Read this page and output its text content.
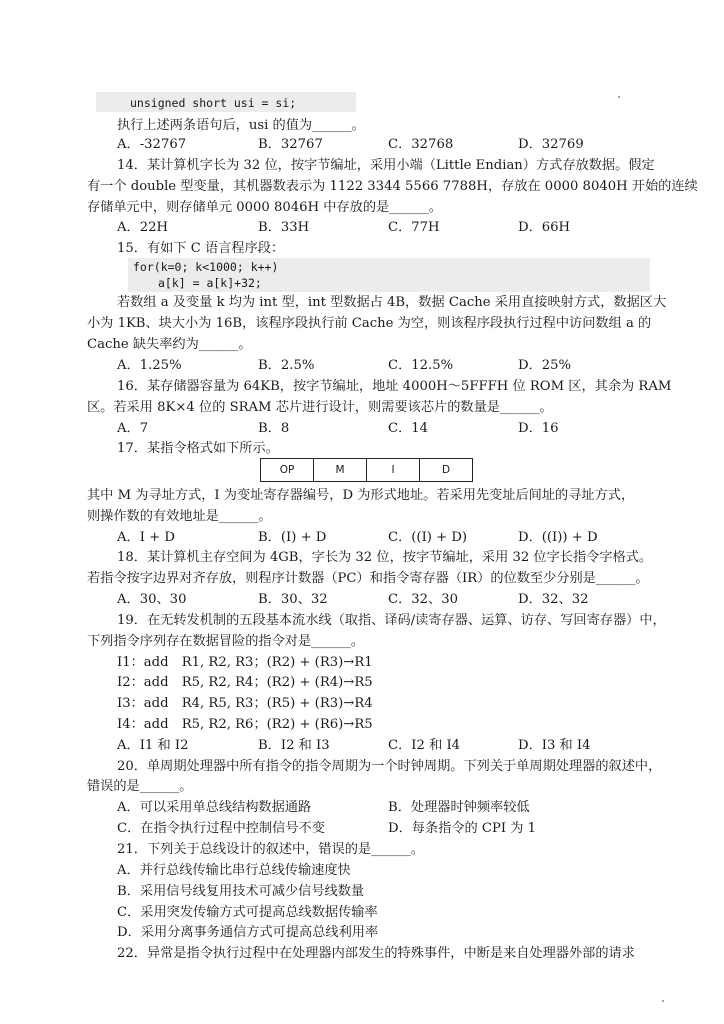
unsigned short usi = si;
执行上述两条语句后，usi 的值为______。
A．-32767	B．32767	C．32768	D．32769
14．某计算机字长为 32 位，按字节编址，采用小端（Little Endian）方式存放数据。假定
有一个 double 型变量，其机器数表示为 1122 3344 5566 7788H，存放在 0000 8040H 开始的连续
存储单元中，则存储单元 0000 8046H 中存放的是______。
A．22H	B．33H	C．77H	D．66H
15．有如下 C 语言程序段：
for(k=0; k<1000; k++)
a[k] = a[k]+32;
若数组 a 及变量 k 均为 int 型，int 型数据占 4B，数据 Cache 采用直接映射方式，数据区大
小为 1KB、块大小为 16B，该程序段执行前 Cache 为空，则该程序段执行过程中访问数组 a 的
Cache 缺失率约为______。
A．1.25%	B．2.5%	C．12.5%	D．25%
16．某存储器容量为 64KB，按字节编址，地址 4000H～5FFFH 位 ROM 区，其余为 RAM
区。若采用 8K×4 位的 SRAM 芯片进行设计，则需要该芯片的数量是______。
A．7	B．8	C．14	D．16
17．某指令格式如下所示。
OP	M	I	D
其中 M 为寻址方式，I 为变址寄存器编号，D 为形式地址。若采用先变址后间址的寻址方式，
则操作数的有效地址是______。
A．I + D	B．(I) + D	C．((I) + D)	D．((I)) + D
18．某计算机主存空间为 4GB，字长为 32 位，按字节编址，采用 32 位字长指令字格式。
若指令按字边界对齐存放，则程序计数器（PC）和指令寄存器（IR）的位数至少分别是______。
A．30、30	B．30、32	C．32、30	D．32、32
19．在无转发机制的五段基本流水线（取指、译码/读寄存器、运算、访存、写回寄存器）中，
下列指令序列存在数据冒险的指令对是______。
I1：add　R1, R2, R3；(R2) + (R3)→R1
I2：add　R5, R2, R4；(R2) + (R4)→R5
I3：add　R4, R5, R3；(R5) + (R3)→R4
I4：add　R5, R2, R6；(R2) + (R6)→R5
A．I1 和 I2	B．I2 和 I3	C．I2 和 I4	D．I3 和 I4
20．单周期处理器中所有指令的指令周期为一个时钟周期。下列关于单周期处理器的叙述中，
错误的是______。
A．可以采用单总线结构数据通路	B．处理器时钟频率较低
C．在指令执行过程中控制信号不变	D．每条指令的 CPI 为 1
21．下列关于总线设计的叙述中，错误的是______。
A．并行总线传输比串行总线传输速度快
B．采用信号线复用技术可减少信号线数量
C．采用突发传输方式可提高总线数据传输率
D．采用分离事务通信方式可提高总线利用率
22．异常是指令执行过程中在处理器内部发生的特殊事件，中断是来自处理器外部的请求
